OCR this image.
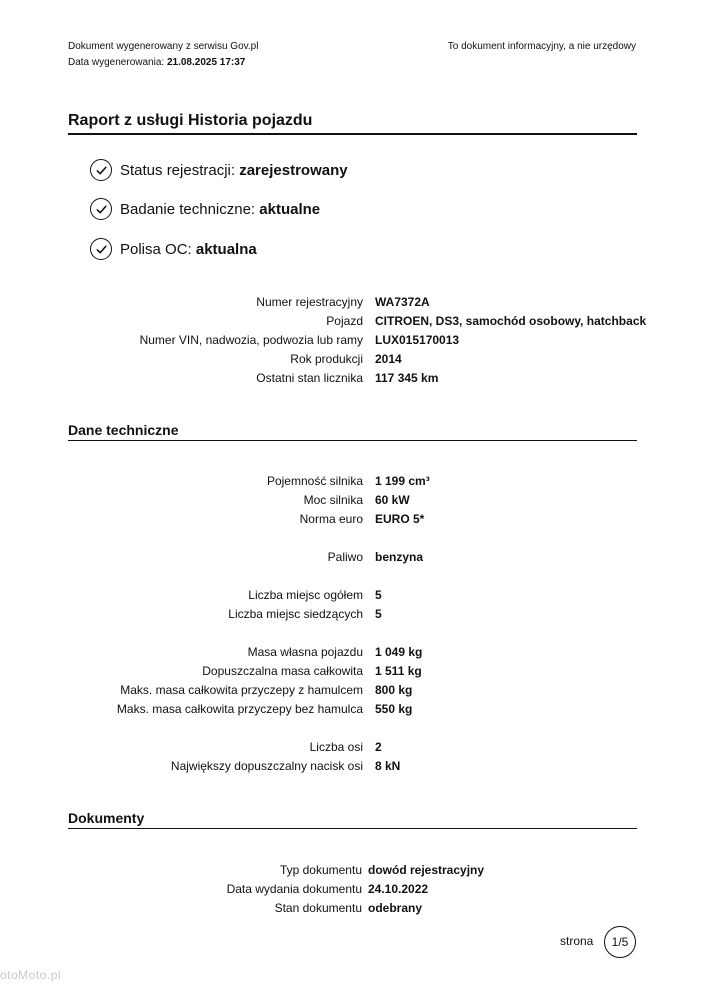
Dokument wygenerowany z serwisu Gov.pl
Data wygenerowania: 21.08.2025 17:37
To dokument informacyjny, a nie urzędowy
Raport z usługi Historia pojazdu
Status rejestracji:
zarejestrowany
Badanie techniczne:
aktualne
Polisa OC:
aktualna
Numer rejestracyjny WA7372A
Pojazd CITROEN, DS3, samochód osobowy, hatchback
Numer VIN, nadwozia, podwozia lub ramy LUX015170013
Rok produkcji 2014
Ostatni stan licznika 117 345 km
Dane techniczne
Pojemność silnika 1 199 cm³
Moc silnika 60 kW
Norma euro EURO 5*
Paliwo benzyna
Liczba miejsc ogółem 5
Liczba miejsc siedzących 5
Masa własna pojazdu 1 049 kg
Dopuszczalna masa całkowita 1 511 kg
Maks. masa całkowita przyczepy z hamulcem 800 kg
Maks. masa całkowita przyczepy bez hamulca 550 kg
Liczba osi 2
Największy dopuszczalny nacisk osi 8 kN
Dokumenty
Typ dokumentu dowód rejestracyjny
Data wydania dokumentu 24.10.2022
Stan dokumentu odebrany
strona	1/5
otoMoto.pl
